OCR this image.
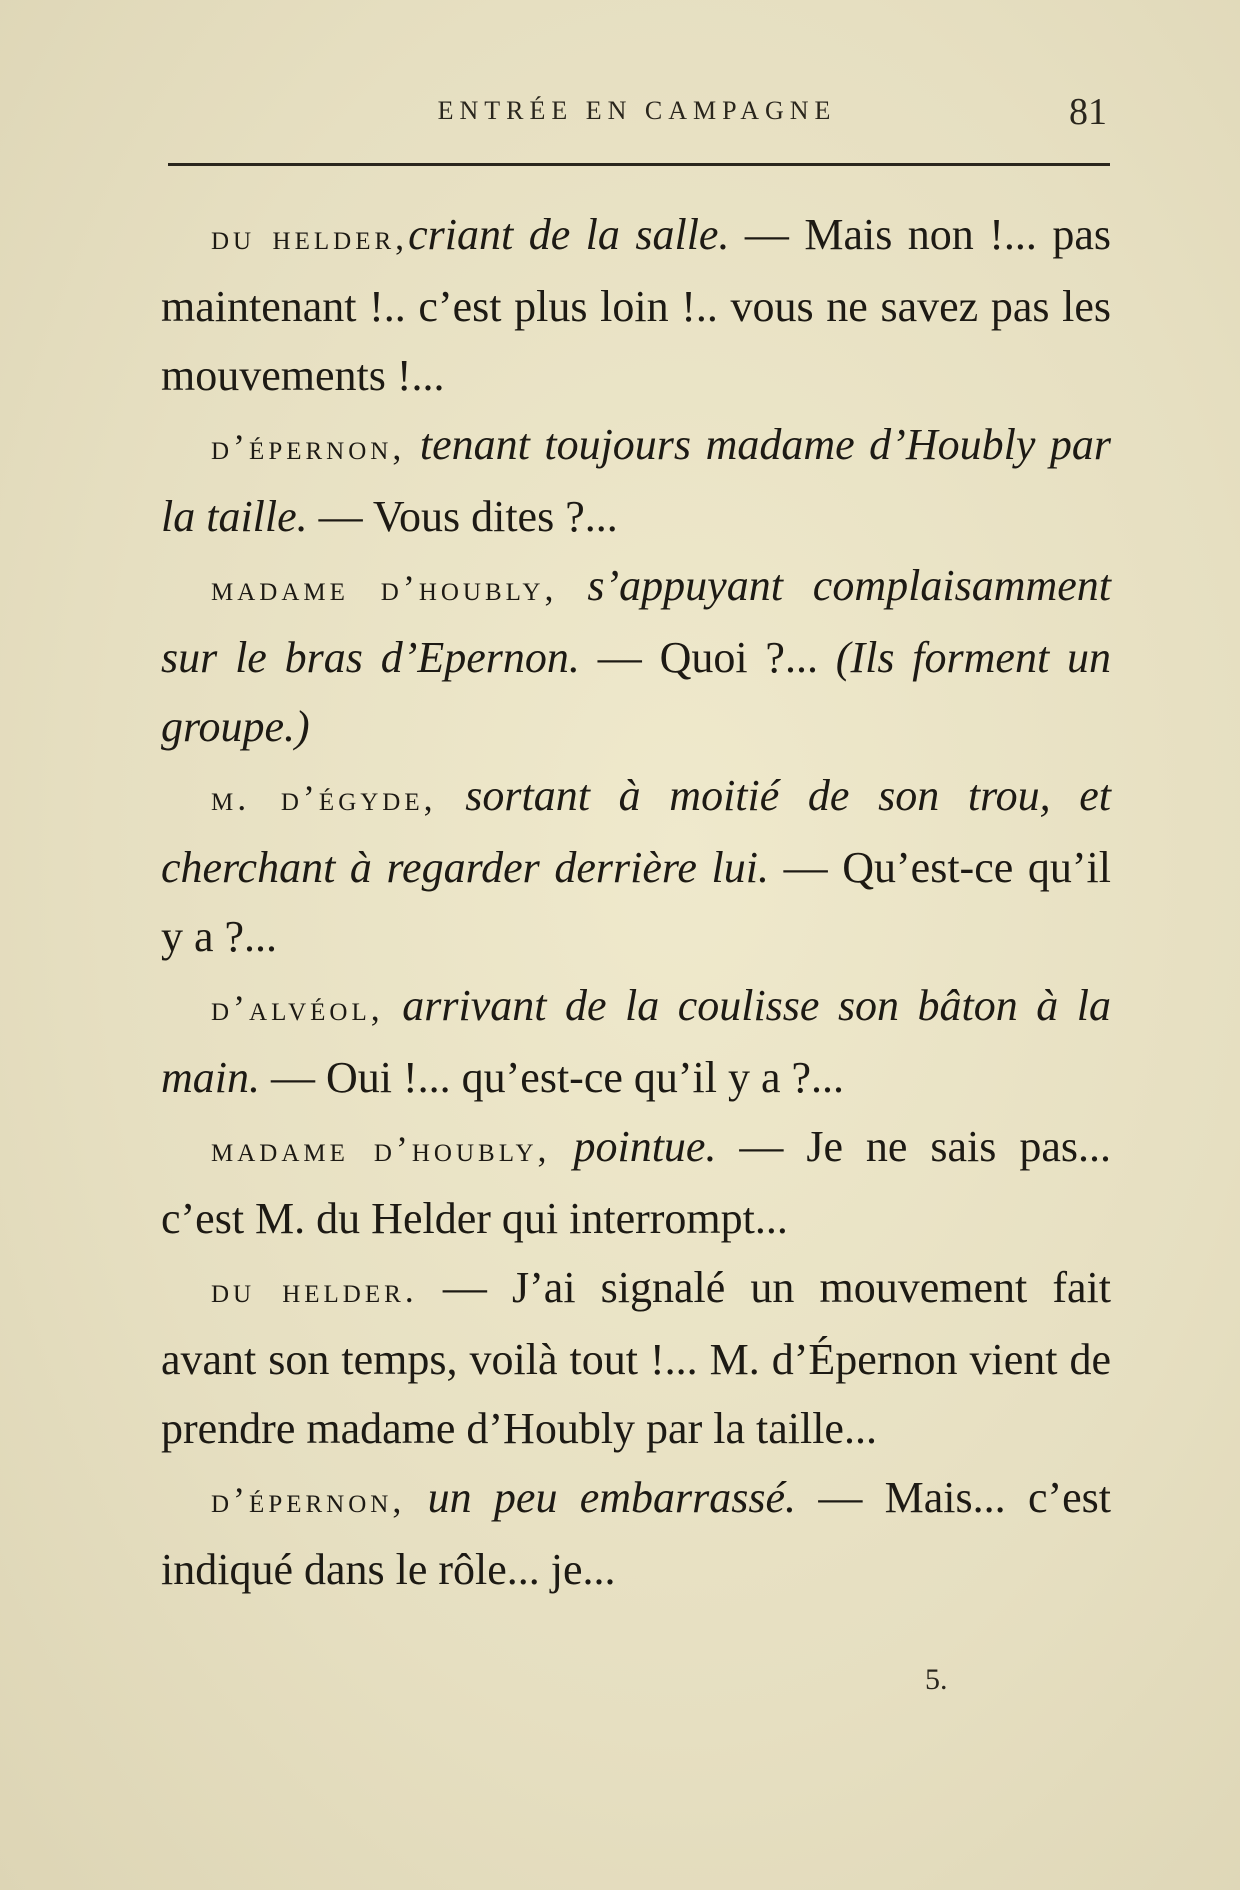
ENTRÉE EN CAMPAGNE	81

du helder,criant de la salle. — Mais non !... pas maintenant !.. c’est plus loin !.. vous ne savez pas les mouvements !...

d’épernon, tenant toujours madame d’Houbly par la taille. — Vous dites ?...

madame d’houbly, s’appuyant complaisamment sur le bras d’Epernon. — Quoi ?... (Ils forment un groupe.)

m. d’égyde, sortant à moitié de son trou, et cherchant à regarder derrière lui. — Qu’est-ce qu’il y a ?...

d’alvéol, arrivant de la coulisse son bâton à la main. — Oui !... qu’est-ce qu’il y a ?...

madame d’houbly, pointue. — Je ne sais pas... c’est M. du Helder qui interrompt...

du helder. — J’ai signalé un mouvement fait avant son temps, voilà tout !... M. d’Épernon vient de prendre madame d’Houbly par la taille...

d’épernon, un peu embarrassé. — Mais... c’est indiqué dans le rôle... je...

5.
